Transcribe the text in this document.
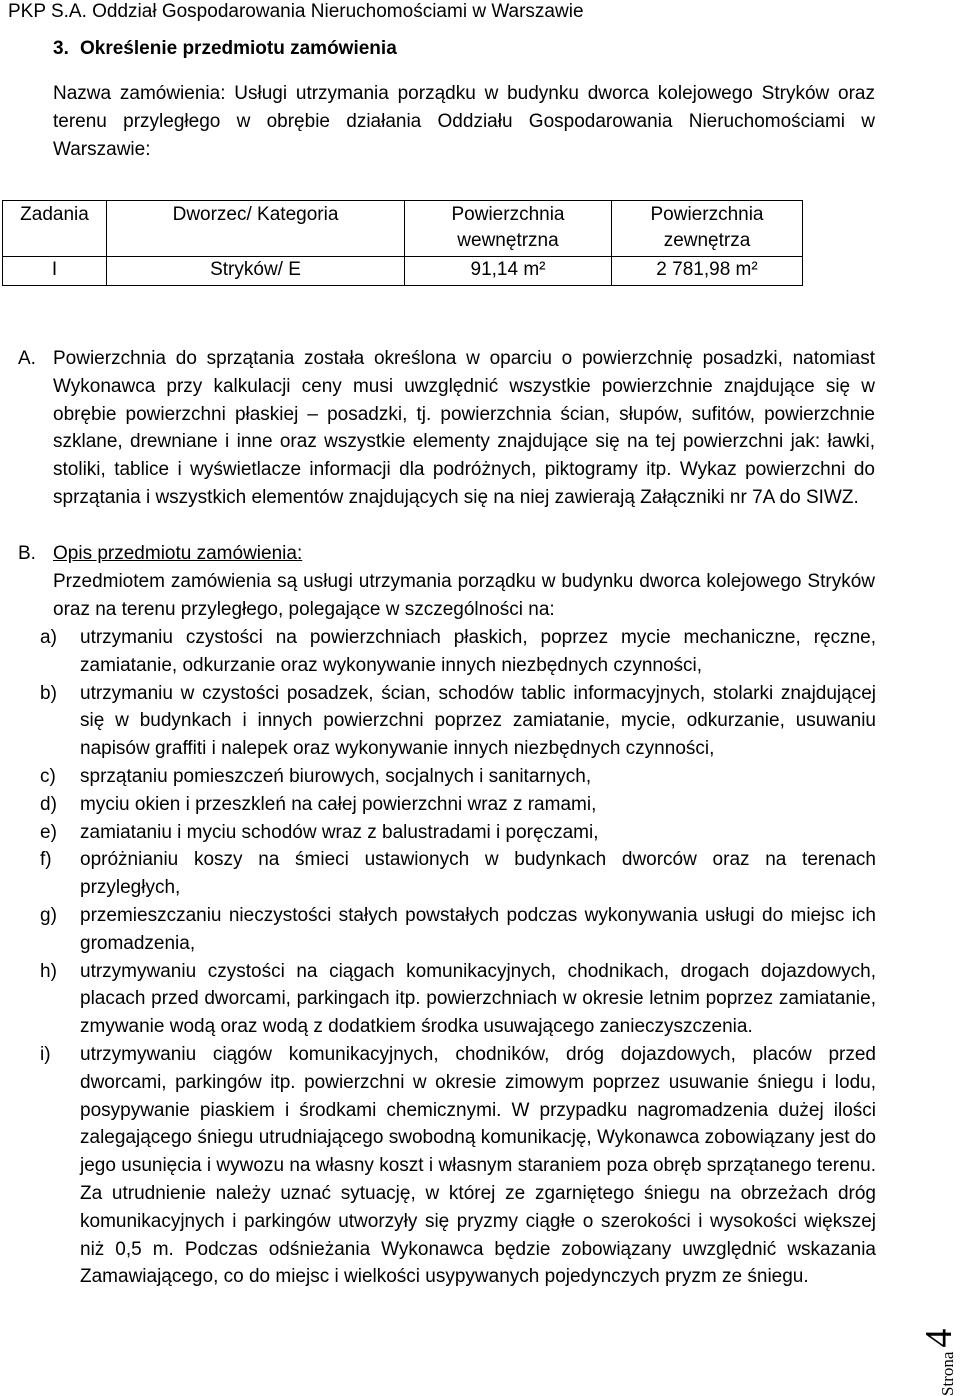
PKP S.A. Oddział Gospodarowania Nieruchomościami w Warszawie
3. Określenie przedmiotu zamówienia
Nazwa zamówienia: Usługi utrzymania porządku w budynku dworca kolejowego Stryków oraz terenu przyległego w obrębie działania Oddziału Gospodarowania Nieruchomościami w Warszawie:
Zadania	Dworzec/ Kategoria	Powierzchnia wewnętrzna	Powierzchnia zewnętrza
I	Stryków/ E	91,14 m²	2 781,98 m²
A. Powierzchnia do sprzątania została określona w oparciu o powierzchnię posadzki, natomiast Wykonawca przy kalkulacji ceny musi uwzględnić wszystkie powierzchnie znajdujące się w obrębie powierzchni płaskiej – posadzki, tj. powierzchnia ścian, słupów, sufitów, powierzchnie szklane, drewniane i inne oraz wszystkie elementy znajdujące się na tej powierzchni jak: ławki, stoliki, tablice i wyświetlacze informacji dla podróżnych, piktogramy itp. Wykaz powierzchni do sprzątania i wszystkich elementów znajdujących się na niej zawierają Załączniki nr 7A do SIWZ.
B. Opis przedmiotu zamówienia:
Przedmiotem zamówienia są usługi utrzymania porządku w budynku dworca kolejowego Stryków oraz na terenu przyległego, polegające w szczególności na:
a)	utrzymaniu czystości na powierzchniach płaskich, poprzez mycie mechaniczne, ręczne, zamiatanie, odkurzanie oraz wykonywanie innych niezbędnych czynności,
b)	utrzymaniu w czystości posadzek, ścian, schodów tablic informacyjnych, stolarki znajdującej się w budynkach i innych powierzchni poprzez zamiatanie, mycie, odkurzanie, usuwaniu napisów graffiti i nalepek oraz wykonywanie innych niezbędnych czynności,
c)	sprzątaniu pomieszczeń biurowych, socjalnych i sanitarnych,
d)	myciu okien i przeszkleń na całej powierzchni wraz z ramami,
e)	zamiataniu i myciu schodów wraz z balustradami i poręczami,
f)	opróżnianiu koszy na śmieci ustawionych w budynkach dworców oraz na terenach przyległych,
g)	przemieszczaniu nieczystości stałych powstałych podczas wykonywania usługi do miejsc ich gromadzenia,
h)	utrzymywaniu czystości na ciągach komunikacyjnych, chodnikach, drogach dojazdowych, placach przed dworcami, parkingach itp. powierzchniach w okresie letnim poprzez zamiatanie, zmywanie wodą oraz wodą z dodatkiem środka usuwającego zanieczyszczenia.
i)	utrzymywaniu ciągów komunikacyjnych, chodników, dróg dojazdowych, placów przed dworcami, parkingów itp. powierzchni w okresie zimowym poprzez usuwanie śniegu i lodu, posypywanie piaskiem i środkami chemicznymi. W przypadku nagromadzenia dużej ilości zalegającego śniegu utrudniającego swobodną komunikację, Wykonawca zobowiązany jest do jego usunięcia i wywozu na własny koszt i własnym staraniem poza obręb sprzątanego terenu. Za utrudnienie należy uznać sytuację, w której ze zgarniętego śniegu na obrzeżach dróg komunikacyjnych i parkingów utworzyły się pryzmy ciągłe o szerokości i wysokości większej niż 0,5 m. Podczas odśnieżania Wykonawca będzie zobowiązany uwzględnić wskazania Zamawiającego, co do miejsc i wielkości usypywanych pojedynczych pryzm ze śniegu.
Strona
4
